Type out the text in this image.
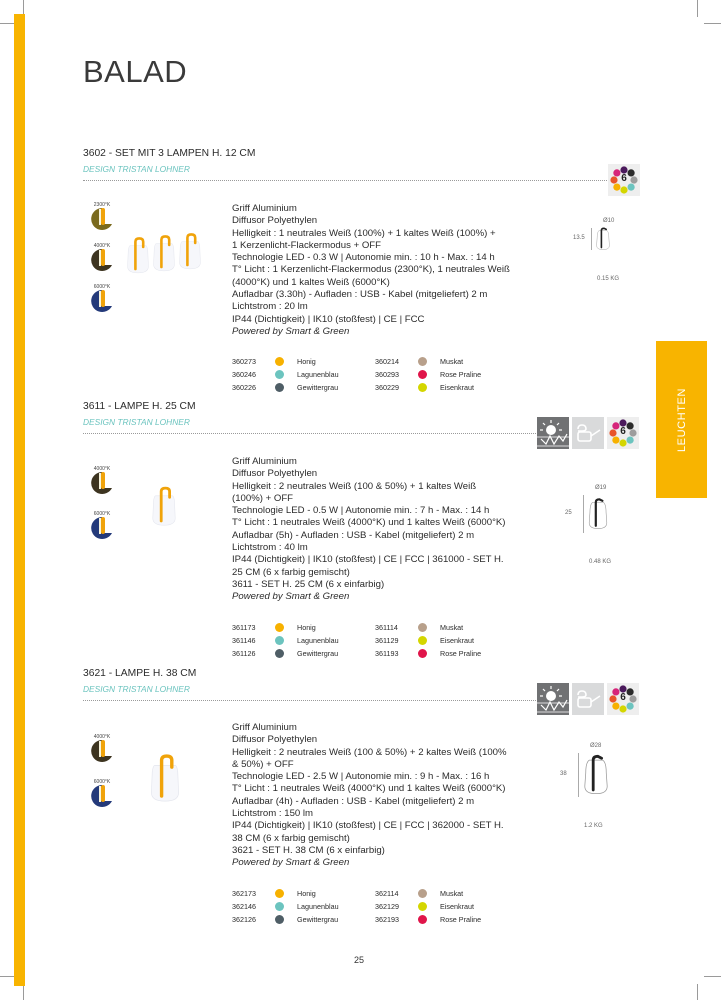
BALAD
LEUCHTEN
3602 - SET MIT 3 LAMPEN H. 12 CM
DESIGN TRISTAN LOHNER
6
2300°K
4000°K
6000°K
Griff Aluminium
Diffusor Polyethylen
Helligkeit : 1 neutrales Weiß (100%) + 1 kaltes Weiß (100%) +
1 Kerzenlicht-Flackermodus + OFF
Technologie LED - 0.3 W | Autonomie min. : 10 h - Max. : 14 h
T° Licht : 1 Kerzenlicht-Flackermodus (2300°K), 1 neutrales Weiß
(4000°K) und 1 kaltes Weiß (6000°K)
Aufladbar (3.30h) - Aufladen : USB - Kabel (mitgeliefert) 2 m
Lichtstrom : 20 lm
IP44 (Dichtigkeit) | IK10 (stoßfest) | CE | FCC
Powered by Smart & Green
360273	Honig	360214	Muskat
360246	Lagunenblau	360293	Rose Praline
360226	Gewittergrau	360229	Eisenkraut
Ø10
13.5
0.15 KG
3611 - LAMPE H. 25 CM
DESIGN TRISTAN LOHNER
6
4000°K
6000°K
Griff Aluminium
Diffusor Polyethylen
Helligkeit : 2 neutrales Weiß (100 & 50%) + 1 kaltes Weiß
(100%) + OFF
Technologie LED - 0.5 W | Autonomie min. : 7 h - Max. : 14 h
T° Licht : 1 neutrales Weiß (4000°K) und 1 kaltes Weiß (6000°K)
Aufladbar (5h) - Aufladen : USB - Kabel (mitgeliefert) 2 m
Lichtstrom : 40 lm
IP44 (Dichtigkeit) | IK10 (stoßfest) | CE | FCC | 361000 - SET H.
25 CM (6 x farbig gemischt)
3611 - SET H. 25 CM (6 x einfarbig)
Powered by Smart & Green
361173	Honig	361114	Muskat
361146	Lagunenblau	361129	Eisenkraut
361126	Gewittergrau	361193	Rose Praline
Ø19
25
0.48 KG
3621 - LAMPE H. 38 CM
DESIGN TRISTAN LOHNER
6
4000°K
6000°K
Griff Aluminium
Diffusor Polyethylen
Helligkeit : 2 neutrales Weiß (100 & 50%) + 2 kaltes Weiß (100%
& 50%) + OFF
Technologie LED - 2.5 W | Autonomie min. : 9 h - Max. : 16 h
T° Licht : 1 neutrales Weiß (4000°K) und 1 kaltes Weiß (6000°K)
Aufladbar (4h) - Aufladen : USB - Kabel (mitgeliefert) 2 m
Lichtstrom : 150 lm
IP44 (Dichtigkeit) | IK10 (stoßfest) | CE | FCC | 362000 - SET H.
38 CM (6 x farbig gemischt)
3621 - SET H. 38 CM (6 x einfarbig)
Powered by Smart & Green
362173	Honig	362114	Muskat
362146	Lagunenblau	362129	Eisenkraut
362126	Gewittergrau	362193	Rose Praline
Ø28
38
1.2 KG
25
